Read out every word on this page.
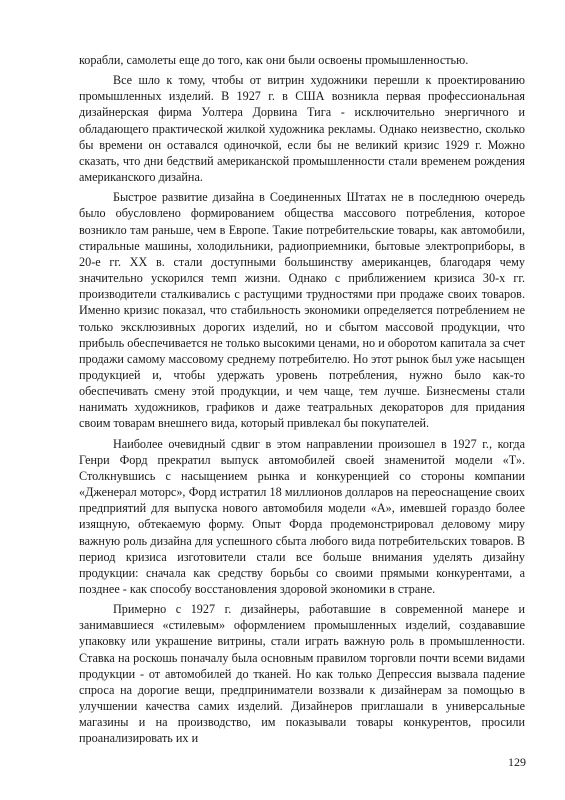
корабли, самолеты еще до того, как они были освоены промышленностью.

Все шло к тому, чтобы от витрин художники перешли к проектированию промышленных изделий. В 1927 г. в США возникла первая профессиональная дизайнерская фирма Уолтера Дорвина Тига - исключительно энергичного и обладающего практической жилкой художника рекламы. Однако неизвестно, сколько бы времени он оставался одиночкой, если бы не великий кризис 1929 г. Можно сказать, что дни бедствий американской промышленности стали временем рождения американского дизайна.

Быстрое развитие дизайна в Соединенных Штатах не в последнюю очередь было обусловлено формированием общества массового потребления, которое возникло там раньше, чем в Европе. Такие потребительские товары, как автомобили, стиральные машины, холодильники, радиоприемники, бытовые электроприборы, в 20-е гг. XX в. стали доступными большинству американцев, благодаря чему значительно ускорился темп жизни. Однако с приближением кризиса 30-х гг. производители сталкивались с растущими трудностями при продаже своих товаров. Именно кризис показал, что стабильность экономики определяется потреблением не только эксклюзивных дорогих изделий, но и сбытом массовой продукции, что прибыль обеспечивается не только высокими ценами, но и оборотом капитала за счет продажи самому массовому среднему потребителю. Но этот рынок был уже насыщен продукцией и, чтобы удержать уровень потребления, нужно было как-то обеспечивать смену этой продукции, и чем чаще, тем лучше. Бизнесмены стали нанимать художников, графиков и даже театральных декораторов для придания своим товарам внешнего вида, который привлекал бы покупателей.

Наиболее очевидный сдвиг в этом направлении произошел в 1927 г., когда Генри Форд прекратил выпуск автомобилей своей знаменитой модели «Т». Столкнувшись с насыщением рынка и конкуренцией со стороны компании «Дженерал моторс», Форд истратил 18 миллионов долларов на переоснащение своих предприятий для выпуска нового автомобиля модели «А», имевшей гораздо более изящную, обтекаемую форму. Опыт Форда продемонстрировал деловому миру важную роль дизайна для успешного сбыта любого вида потребительских товаров. В период кризиса изготовители стали все больше внимания уделять дизайну продукции: сначала как средству борьбы со своими прямыми конкурентами, а позднее - как способу восстановления здоровой экономики в стране.

Примерно с 1927 г. дизайнеры, работавшие в современной манере и занимавшиеся «стилевым» оформлением промышленных изделий, создававшие упаковку или украшение витрины, стали играть важную роль в промышленности. Ставка на роскошь поначалу была основным правилом торговли почти всеми видами продукции - от автомобилей до тканей. Но как только Депрессия вызвала падение спроса на дорогие вещи, предприниматели воззвали к дизайнерам за помощью в улучшении качества самих изделий. Дизайнеров приглашали в универсальные магазины и на производство, им показывали товары конкурентов, просили проанализировать их и

129
